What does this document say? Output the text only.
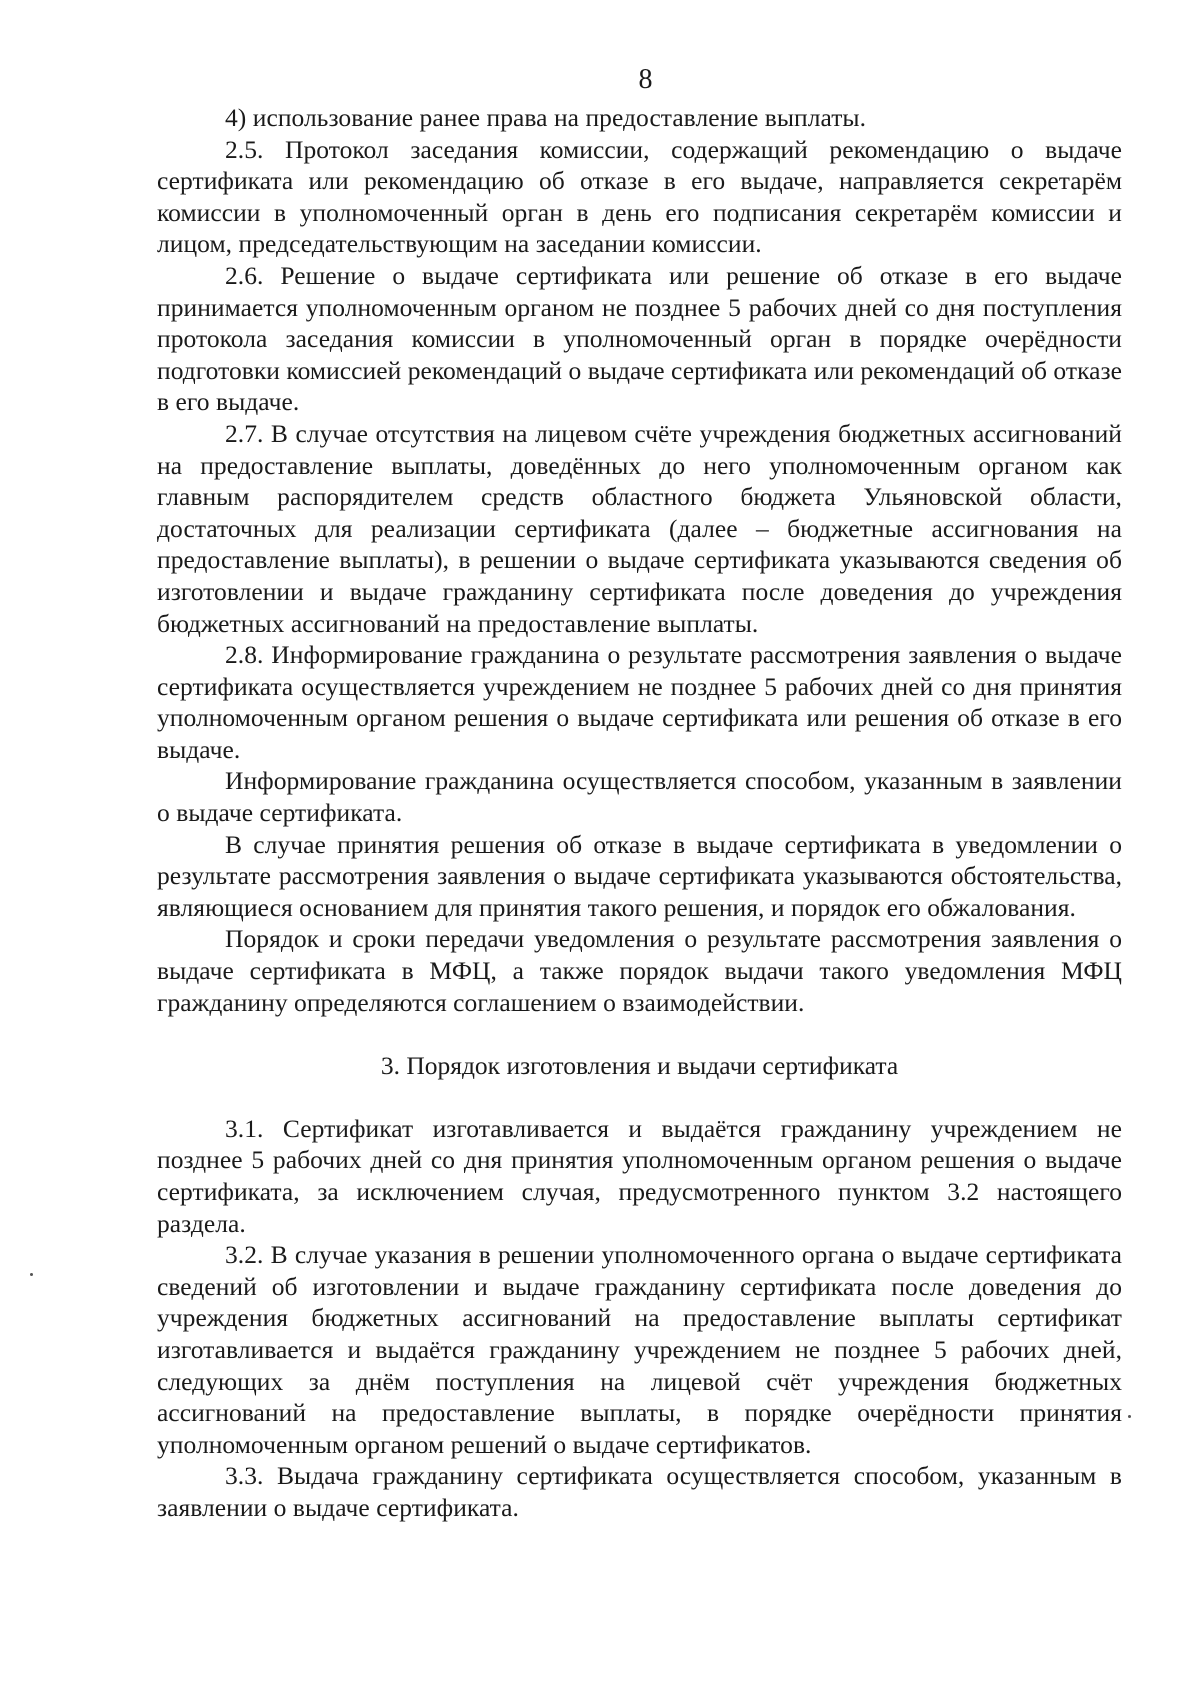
8

4) использование ранее права на предоставление выплаты.

2.5. Протокол заседания комиссии, содержащий рекомендацию о выдаче сертификата или рекомендацию об отказе в его выдаче, направляется секретарём комиссии в уполномоченный орган в день его подписания секретарём комиссии и лицом, председательствующим на заседании комиссии.

2.6. Решение о выдаче сертификата или решение об отказе в его выдаче принимается уполномоченным органом не позднее 5 рабочих дней со дня поступления протокола заседания комиссии в уполномоченный орган в порядке очерёдности подготовки комиссией рекомендаций о выдаче сертификата или рекомендаций об отказе в его выдаче.

2.7. В случае отсутствия на лицевом счёте учреждения бюджетных ассигнований на предоставление выплаты, доведённых до него уполномоченным органом как главным распорядителем средств областного бюджета Ульяновской области, достаточных для реализации сертификата (далее – бюджетные ассигнования на предоставление выплаты), в решении о выдаче сертификата указываются сведения об изготовлении и выдаче гражданину сертификата после доведения до учреждения бюджетных ассигнований на предоставление выплаты.

2.8. Информирование гражданина о результате рассмотрения заявления о выдаче сертификата осуществляется учреждением не позднее 5 рабочих дней со дня принятия уполномоченным органом решения о выдаче сертификата или решения об отказе в его выдаче.

Информирование гражданина осуществляется способом, указанным в заявлении о выдаче сертификата.

В случае принятия решения об отказе в выдаче сертификата в уведомлении о результате рассмотрения заявления о выдаче сертификата указываются обстоятельства, являющиеся основанием для принятия такого решения, и порядок его обжалования.

Порядок и сроки передачи уведомления о результате рассмотрения заявления о выдаче сертификата в МФЦ, а также порядок выдачи такого уведомления МФЦ гражданину определяются соглашением о взаимодействии.

3. Порядок изготовления и выдачи сертификата

3.1. Сертификат изготавливается и выдаётся гражданину учреждением не позднее 5 рабочих дней со дня принятия уполномоченным органом решения о выдаче сертификата, за исключением случая, предусмотренного пунктом 3.2 настоящего раздела.

3.2. В случае указания в решении уполномоченного органа о выдаче сертификата сведений об изготовлении и выдаче гражданину сертификата после доведения до учреждения бюджетных ассигнований на предоставление выплаты сертификат изготавливается и выдаётся гражданину учреждением не позднее 5 рабочих дней, следующих за днём поступления на лицевой счёт учреждения бюджетных ассигнований на предоставление выплаты, в порядке очерёдности принятия уполномоченным органом решений о выдаче сертификатов.

3.3. Выдача гражданину сертификата осуществляется способом, указанным в заявлении о выдаче сертификата.
